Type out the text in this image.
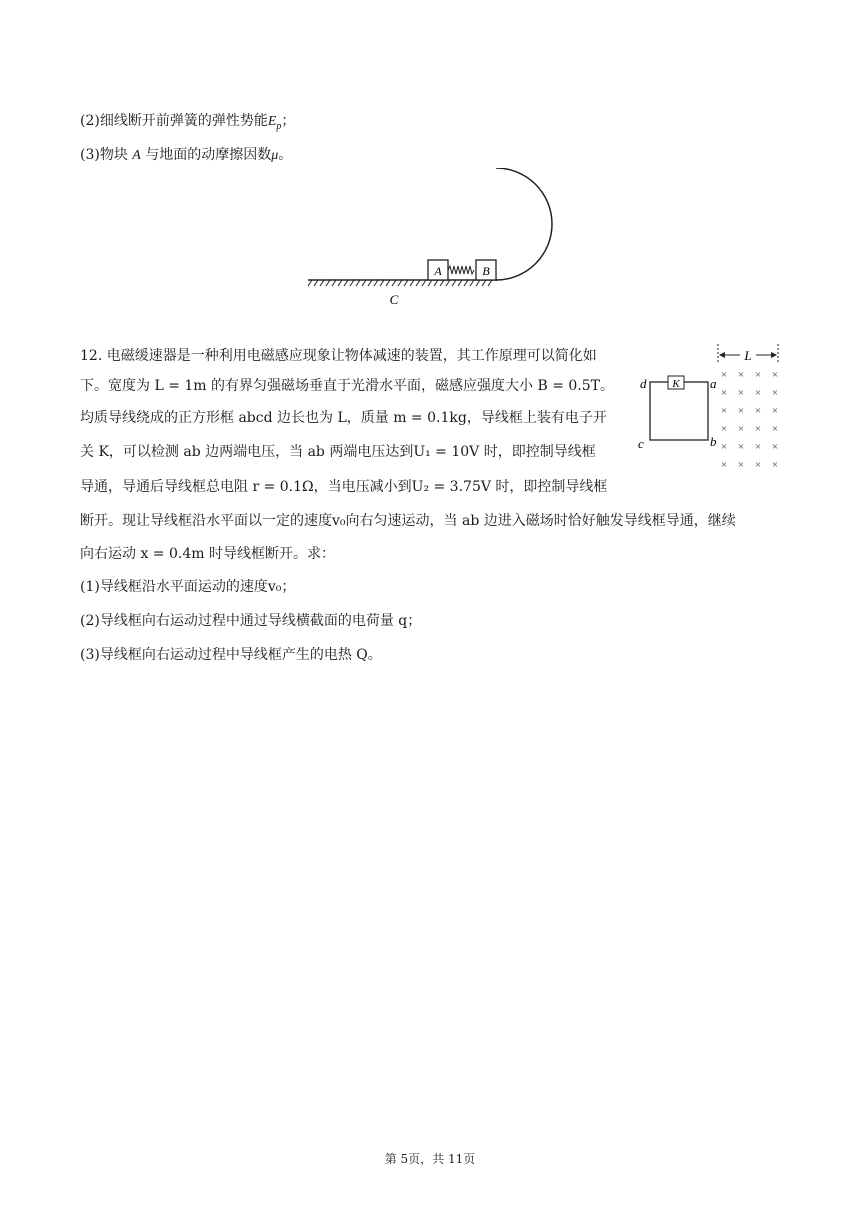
(2)细线断开前弹簧的弹性势能$E_p$；
(3)物块 A 与地面的动摩擦因数μ。
A	B
C
12. 电磁缓速器是一种利用电磁感应现象让物体减速的装置，其工作原理可以简化如
下。宽度为 L = 1m 的有界匀强磁场垂直于光滑水平面，磁感应强度大小 B = 0.5T。
均质导线绕成的正方形框 abcd 边长也为 L，质量 m = 0.1kg，导线框上装有电子开
关 K，可以检测 ab 边两端电压，当 ab 两端电压达到U₁ = 10V 时，即控制导线框
导通，导通后导线框总电阻 r = 0.1Ω，当电压减小到U₂ = 3.75V 时，即控制导线框
断开。现让导线框沿水平面以一定的速度v₀向右匀速运动，当 ab 边进入磁场时恰好触发导线框导通，继续
向右运动 x = 0.4m 时导线框断开。求：
(1)导线框沿水平面运动的速度v₀；
(2)导线框向右运动过程中通过导线横截面的电荷量 q；
(3)导线框向右运动过程中导线框产生的电热 Q。
L
K
d	a
c	b
× × × ×
× × × ×
× × × ×
× × × ×
× × × ×
× × × ×
第 5页，共 11页
